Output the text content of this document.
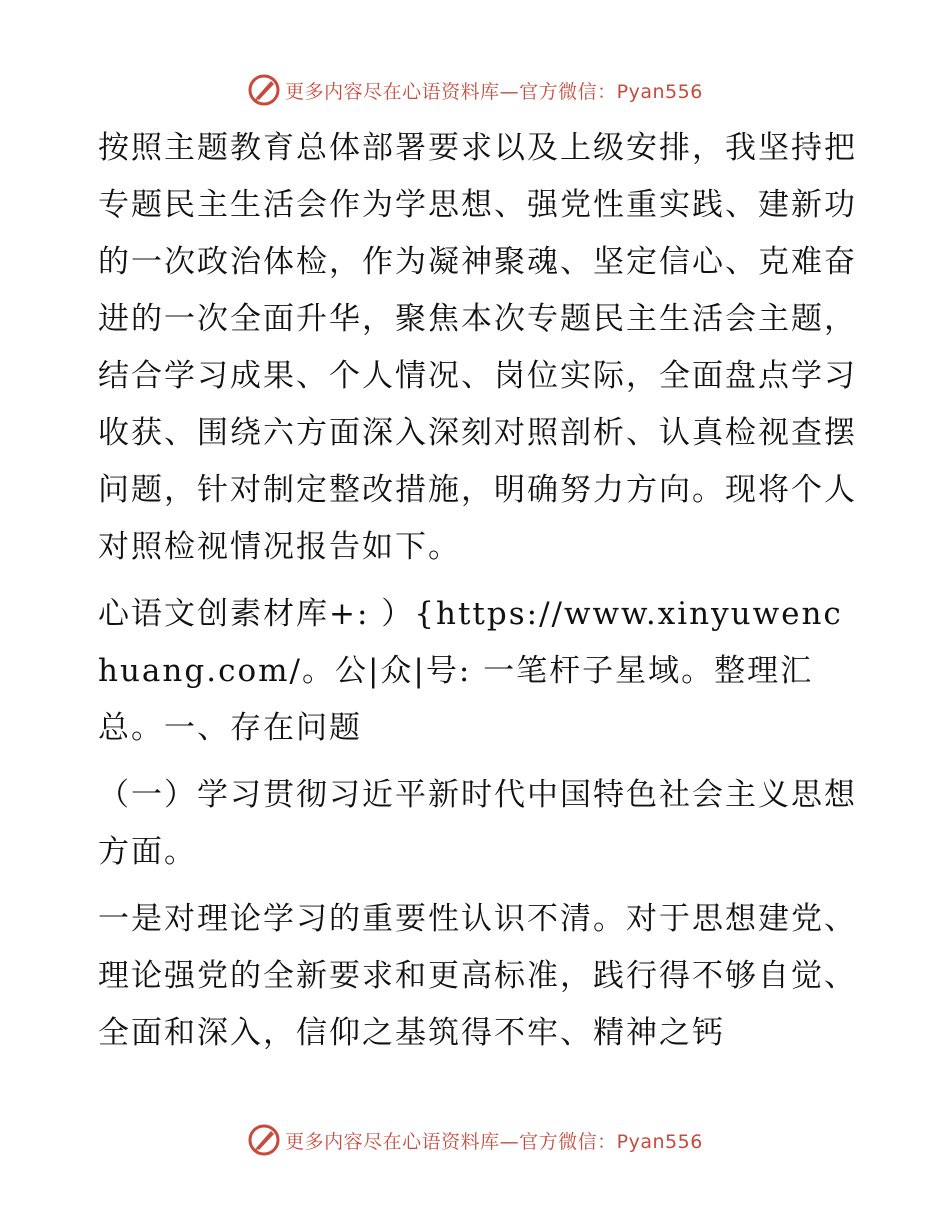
更多内容尽在心语资料库—官方微信：Pyan556

按照主题教育总体部署要求以及上级安排，我坚持把专题民主生活会作为学思想、强党性重实践、建新功的一次政治体检，作为凝神聚魂、坚定信心、克难奋进的一次全面升华，聚焦本次专题民主生活会主题，结合学习成果、个人情况、岗位实际，全面盘点学习收获、围绕六方面深入深刻对照剖析、认真检视查摆问题，针对制定整改措施，明确努力方向。现将个人对照检视情况报告如下。

心语文创素材库+: ）{https://www.xinyuwenchuang.com/。公|众|号: 一笔杆子星域。整理汇总。一、存在问题

（一）学习贯彻习近平新时代中国特色社会主义思想方面。

一是对理论学习的重要性认识不清。对于思想建党、理论强党的全新要求和更高标准，践行得不够自觉、全面和深入，信仰之基筑得不牢、精神之钙

更多内容尽在心语资料库—官方微信：Pyan556
